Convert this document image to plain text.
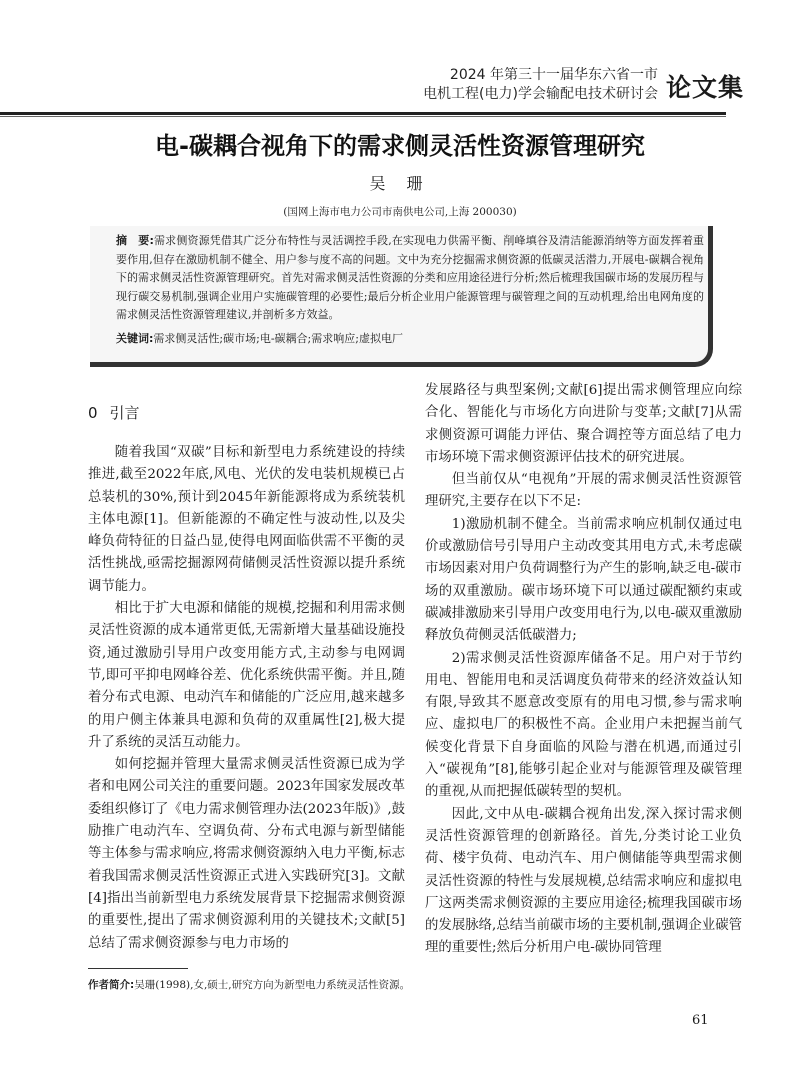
2024 年第三十一届华东六省一市
电机工程(电力)学会输配电技术研讨会 论文集
电-碳耦合视角下的需求侧灵活性资源管理研究
吴 珊
(国网上海市电力公司市南供电公司,上海 200030)
摘　要:需求侧资源凭借其广泛分布特性与灵活调控手段,在实现电力供需平衡、削峰填谷及清洁能源消纳等方面发挥着重要作用,但存在激励机制不健全、用户参与度不高的问题。文中为充分挖掘需求侧资源的低碳灵活潜力,开展电-碳耦合视角下的需求侧灵活性资源管理研究。首先对需求侧灵活性资源的分类和应用途径进行分析;然后梳理我国碳市场的发展历程与现行碳交易机制,强调企业用户实施碳管理的必要性;最后分析企业用户能源管理与碳管理之间的互动机理,给出电网角度的需求侧灵活性资源管理建议,并剖析多方效益。
关键词:需求侧灵活性;碳市场;电-碳耦合;需求响应;虚拟电厂
0 引言

随着我国“双碳”目标和新型电力系统建设的持续推进,截至2022年底,风电、光伏的发电装机规模已占总装机的30%,预计到2045年新能源将成为系统装机主体电源[1]。但新能源的不确定性与波动性,以及尖峰负荷特征的日益凸显,使得电网面临供需不平衡的灵活性挑战,亟需挖掘源网荷储侧灵活性资源以提升系统调节能力。

相比于扩大电源和储能的规模,挖掘和利用需求侧灵活性资源的成本通常更低,无需新增大量基础设施投资,通过激励引导用户改变用能方式,主动参与电网调节,即可平抑电网峰谷差、优化系统供需平衡。并且,随着分布式电源、电动汽车和储能的广泛应用,越来越多的用户侧主体兼具电源和负荷的双重属性[2],极大提升了系统的灵活互动能力。

如何挖掘并管理大量需求侧灵活性资源已成为学者和电网公司关注的重要问题。2023年国家发展改革委组织修订了《电力需求侧管理办法(2023年版)》,鼓励推广电动汽车、空调负荷、分布式电源与新型储能等主体参与需求响应,将需求侧资源纳入电力平衡,标志着我国需求侧灵活性资源正式进入实践研究[3]。文献[4]指出当前新型电力系统发展背景下挖掘需求侧资源的重要性,提出了需求侧资源利用的关键技术;文献[5]总结了需求侧资源参与电力市场的

发展路径与典型案例;文献[6]提出需求侧管理应向综合化、智能化与市场化方向进阶与变革;文献[7]从需求侧资源可调能力评估、聚合调控等方面总结了电力市场环境下需求侧资源评估技术的研究进展。

但当前仅从“电视角”开展的需求侧灵活性资源管理研究,主要存在以下不足:

1)激励机制不健全。当前需求响应机制仅通过电价或激励信号引导用户主动改变其用电方式,未考虑碳市场因素对用户负荷调整行为产生的影响,缺乏电-碳市场的双重激励。碳市场环境下可以通过碳配额约束或碳减排激励来引导用户改变用电行为,以电-碳双重激励释放负荷侧灵活低碳潜力;

2)需求侧灵活性资源库储备不足。用户对于节约用电、智能用电和灵活调度负荷带来的经济效益认知有限,导致其不愿意改变原有的用电习惯,参与需求响应、虚拟电厂的积极性不高。企业用户未把握当前气候变化背景下自身面临的风险与潜在机遇,而通过引入“碳视角”[8],能够引起企业对与能源管理及碳管理的重视,从而把握低碳转型的契机。

因此,文中从电-碳耦合视角出发,深入探讨需求侧灵活性资源管理的创新路径。首先,分类讨论工业负荷、楼宇负荷、电动汽车、用户侧储能等典型需求侧灵活性资源的特性与发展规模,总结需求响应和虚拟电厂这两类需求侧资源的主要应用途径;梳理我国碳市场的发展脉络,总结当前碳市场的主要机制,强调企业碳管理的重要性;然后分析用户电-碳协同管理

作者简介:吴珊(1998),女,硕士,研究方向为新型电力系统灵活性资源。
61
